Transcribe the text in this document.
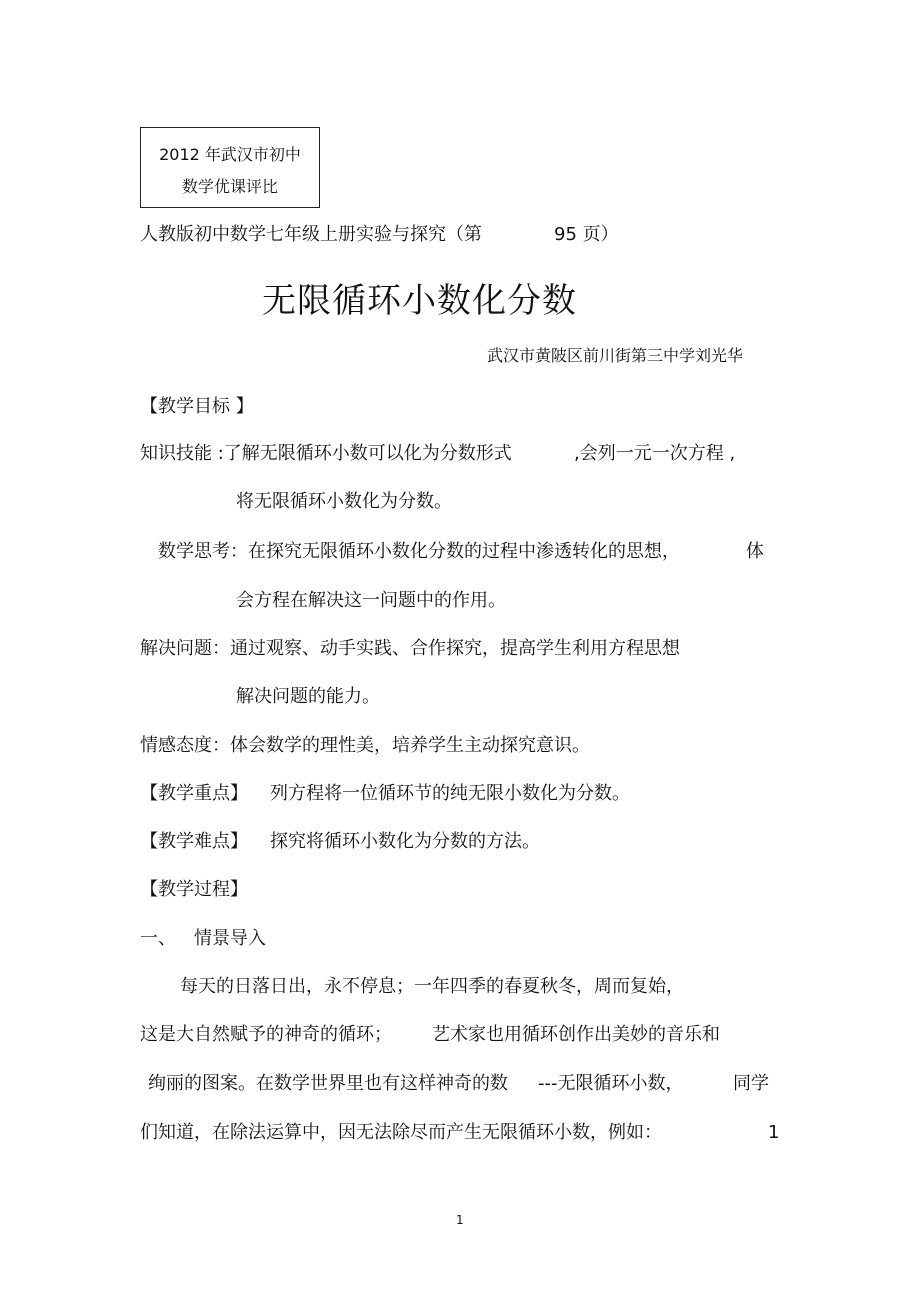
2012 年武汉市初中
数学优课评比
人教版初中数学七年级上册实验与探究（第	95 页）
无限循环小数化分数
武汉市黄陂区前川街第三中学刘光华
【教学目标 】
知识技能 :了解无限循环小数可以化为分数形式	,会列一元一次方程 ,
将无限循环小数化为分数。
数学思考：在探究无限循环小数化分数的过程中渗透转化的思想，	体
会方程在解决这一问题中的作用。
解决问题：通过观察、动手实践、合作探究，提高学生利用方程思想
解决问题的能力。
情感态度：体会数学的理性美，培养学生主动探究意识。
【教学重点】 列方程将一位循环节的纯无限小数化为分数。
【教学难点】 探究将循环小数化为分数的方法。
【教学过程】
一、 情景导入
每天的日落日出，永不停息；一年四季的春夏秋冬，周而复始，
这是大自然赋予的神奇的循环； 艺术家也用循环创作出美妙的音乐和
绚丽的图案。在数学世界里也有这样神奇的数 ---无限循环小数，	同学
们知道，在除法运算中，因无法除尽而产生无限循环小数，例如：	1
1
